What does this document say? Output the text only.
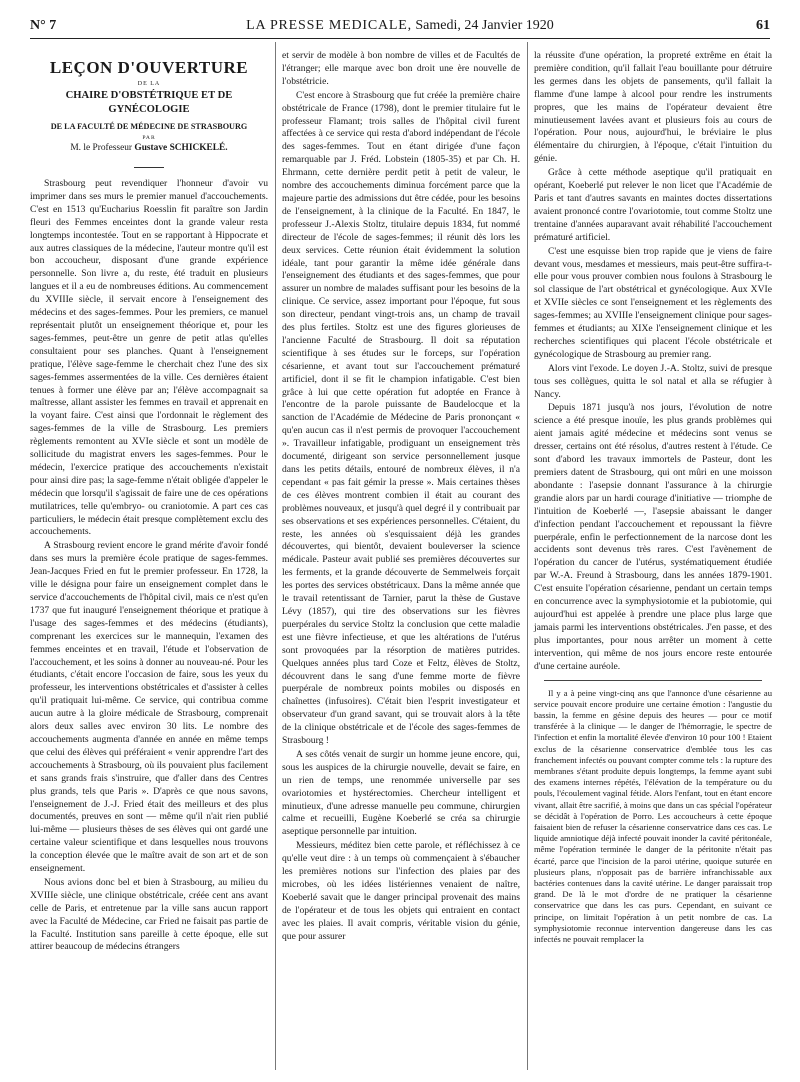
N° 7	LA PRESSE MEDICALE, Samedi, 24 Janvier 1920	61
LEÇON D'OUVERTURE
DE LA
CHAIRE D'OBSTÉTRIQUE ET DE GYNÉCOLOGIE
DE LA FACULTÉ DE MÉDECINE DE STRASBOURG
PAR
M. le Professeur Gustave SCHICKELÉ.

Strasbourg peut revendiquer l'honneur d'avoir vu imprimer dans ses murs le premier manuel d'accouchements. C'est en 1513 qu'Eucharius Roesslin fit paraître son Jardin fleuri des Femmes enceintes dont la grande valeur resta longtemps incontestée. Tout en se rapportant à Hippocrate et aux autres classiques de la médecine, l'auteur montre qu'il est bon accoucheur, disposant d'une grande expérience personnelle. Son livre a, du reste, été traduit en plusieurs langues et il a eu de nombreuses éditions. Au commencement du XVIIIe siècle, il servait encore à l'enseignement des médecins et des sages-femmes. Pour les premiers, ce manuel représentait plutôt un enseignement théorique et, pour les sages-femmes, peut-être un genre de petit atlas qu'elles consultaient pour ses planches. Quant à l'enseignement pratique, l'élève sage-femme le cherchait chez l'une des six sages-femmes assermentées de la ville. Ces dernières étaient tenues à former une élève par an; l'élève accompagnait sa maîtresse, allant assister les femmes en travail et apprenait en la voyant faire. C'est ainsi que l'ordonnait le règlement des sages-femmes de la ville de Strasbourg. Les premiers règlements remontent au XVIe siècle et sont un modèle de sollicitude du magistrat envers les sages-femmes. Pour le médecin, l'exercice pratique des accouchements n'existait pour ainsi dire pas; la sage-femme n'était obligée d'appeler le médecin que lorsqu'il s'agissait de faire une de ces opérations mutilatrices, telle qu'embryo- ou craniotomie. A part ces cas particuliers, le médecin était presque complètement exclu des accouchements.

A Strasbourg revient encore le grand mérite d'avoir fondé dans ses murs la première école pratique de sages-femmes. Jean-Jacques Fried en fut le premier professeur. En 1728, la ville le désigna pour faire un enseignement complet dans le service d'accouchements de l'hôpital civil, mais ce n'est qu'en 1737 que fut inauguré l'enseignement théorique et pratique à l'usage des sages-femmes et des médecins (étudiants), comprenant les exercices sur le mannequin, l'examen des femmes enceintes et en travail, l'étude et l'observation de l'accouchement, et les soins à donner au nouveau-né. Pour les étudiants, c'était encore l'occasion de faire, sous les yeux du professeur, les interventions obstétricales et d'assister à celles qu'il pratiquait lui-même. Ce service, qui contribua comme aucun autre à la gloire médicale de Strasbourg, comprenait alors deux salles avec environ 30 lits. Le nombre des accouchements augmenta d'année en année en même temps que celui des élèves qui préféraient « venir apprendre l'art des accouchements à Strasbourg, où ils pouvaient plus facilement et sans grands frais s'instruire, que d'aller dans des Centres plus grands, tels que Paris ». D'après ce que nous savons, l'enseignement de J.-J. Fried était des meilleurs et des plus documentés, preuves en sont — même qu'il n'ait rien publié lui-même — plusieurs thèses de ses élèves qui ont gardé une certaine valeur scientifique et dans lesquelles nous trouvons la conception élevée que le maître avait de son art et de son enseignement.

Nous avions donc bel et bien à Strasbourg, au milieu du XVIIIe siècle, une clinique obstétricale, créée cent ans avant celle de Paris, et entretenue par la ville sans aucun rapport avec la Faculté de Médecine, car Fried ne faisait pas partie de la Faculté. Institution sans pareille à cette époque, elle sut attirer beaucoup de médecins étrangers

et servir de modèle à bon nombre de villes et de Facultés de l'étranger; elle marque avec bon droit une ère nouvelle de l'obstétricie.

C'est encore à Strasbourg que fut créée la première chaire obstétricale de France (1798), dont le premier titulaire fut le professeur Flamant; trois salles de l'hôpital civil furent affectées à ce service qui resta d'abord indépendant de l'école des sages-femmes. Tout en étant dirigée d'une façon remarquable par J. Fréd. Lobstein (1805-35) et par Ch. H. Ehrmann, cette dernière perdit petit à petit de valeur, le nombre des accouchements diminua forcément parce que la majeure partie des admissions dut être cédée, pour les besoins de l'enseignement, à la clinique de la Faculté. En 1847, le professeur J.-Alexis Stoltz, titulaire depuis 1834, fut nommé directeur de l'école de sages-femmes; il réunit dès lors les deux services. Cette réunion était évidemment la solution idéale, tant pour garantir la même idée générale dans l'enseignement des étudiants et des sages-femmes, que pour assurer un nombre de malades suffisant pour les besoins de la clinique. Ce service, assez important pour l'époque, fut sous son directeur, pendant vingt-trois ans, un champ de travail des plus fertiles. Stoltz est une des figures glorieuses de l'ancienne Faculté de Strasbourg. Il doit sa réputation scientifique à ses études sur le forceps, sur l'opération césarienne, et avant tout sur l'accouchement prématuré artificiel, dont il se fit le champion infatigable. C'est bien grâce à lui que cette opération fut adoptée en France à l'encontre de la parole puissante de Baudelocque et la sanction de l'Académie de Médecine de Paris prononçant « qu'en aucun cas il n'est permis de provoquer l'accouchement ». Travailleur infatigable, prodiguant un enseignement très documenté, dirigeant son service personnellement jusque dans les petits détails, entouré de nombreux élèves, il n'a cependant « pas fait gémir la presse ». Mais certaines thèses de ces élèves montrent combien il était au courant des problèmes nouveaux, et jusqu'à quel degré il y contribuait par ses observations et ses expériences personnelles. C'étaient, du reste, les années où s'esquissaient déjà les grandes découvertes, qui bientôt, devaient bouleverser la science médicale. Pasteur avait publié ses premières découvertes sur les ferments, et la grande découverte de Semmelweis forçait les portes des services obstétricaux. Dans la même année que le travail retentissant de Tarnier, parut la thèse de Gustave Lévy (1857), qui tire des observations sur les fièvres puerpérales du service Stoltz la conclusion que cette maladie est une fièvre infectieuse, et que les altérations de l'utérus sont provoquées par la résorption de matières putrides. Quelques années plus tard Coze et Feltz, élèves de Stoltz, découvrent dans le sang d'une femme morte de fièvre puerpérale de nombreux points mobiles ou disposés en chaînettes (infusoires). C'était bien l'esprit investigateur et observateur d'un grand savant, qui se trouvait alors à la tête de la clinique obstétricale et de l'école des sages-femmes de Strasbourg !

A ses côtés venait de surgir un homme jeune encore, qui, sous les auspices de la chirurgie nouvelle, devait se faire, en un rien de temps, une renommée universelle par ses ovariotomies et hystérectomies. Chercheur intelligent et minutieux, d'une adresse manuelle peu commune, chirurgien calme et recueilli, Eugène Koeberlé se créa sa chirurgie aseptique personnelle par intuition.

Messieurs, méditez bien cette parole, et réfléchissez à ce qu'elle veut dire : à un temps où commençaient à s'ébaucher les premières notions sur l'infection des plaies par des microbes, où les idées listériennes venaient de naître, Koeberlé savait que le danger principal provenait des mains de l'opérateur et de tous les objets qui entraient en contact avec les plaies. Il avait compris, véritable vision du génie, que pour assurer

la réussite d'une opération, la propreté extrême en était la première condition, qu'il fallait l'eau bouillante pour détruire les germes dans les objets de pansements, qu'il fallait la flamme d'une lampe à alcool pour rendre les instruments propres, que les mains de l'opérateur devaient être minutieusement lavées avant et plusieurs fois au cours de l'opération. Pour nous, aujourd'hui, le bréviaire le plus élémentaire du chirurgien, à l'époque, c'était l'intuition du génie.

Grâce à cette méthode aseptique qu'il pratiquait en opérant, Koeberlé put relever le non licet que l'Académie de Paris et tant d'autres savants en maintes doctes dissertations avaient prononcé contre l'ovariotomie, tout comme Stoltz une trentaine d'années auparavant avait réhabilité l'accouchement prématuré artificiel.

C'est une esquisse bien trop rapide que je viens de faire devant vous, mesdames et messieurs, mais peut-être suffira-t-elle pour vous prouver combien nous foulons à Strasbourg le sol classique de l'art obstétrical et gynécologique. Aux XVIe et XVIIe siècles ce sont l'enseignement et les règlements des sages-femmes; au XVIIIe l'enseignement clinique pour sages-femmes et étudiants; au XIXe l'enseignement clinique et les recherches scientifiques qui placent l'école obstétricale et gynécologique de Strasbourg au premier rang.

Alors vint l'exode. Le doyen J.-A. Stoltz, suivi de presque tous ses collègues, quitta le sol natal et alla se réfugier à Nancy.

Depuis 1871 jusqu'à nos jours, l'évolution de notre science a été presque inouïe, les plus grands problèmes qui aient jamais agité médecine et médecins sont venus se dresser, certains ont été résolus, d'autres restent à l'étude. Ce sont d'abord les travaux immortels de Pasteur, dont les premiers datent de Strasbourg, qui ont mûri en une moisson abondante : l'asepsie donnant l'assurance à la chirurgie grandie alors par un hardi courage d'initiative — triomphe de l'intuition de Koeberlé —, l'asepsie abaissant le danger d'infection pendant l'accouchement et repoussant la fièvre puerpérale, enfin le perfectionnement de la narcose dont les accidents sont devenus très rares. C'est l'avènement de l'opération du cancer de l'utérus, systématiquement étudiée par W.-A. Freund à Strasbourg, dans les années 1879-1901. C'est ensuite l'opération césarienne, pendant un certain temps en concurrence avec la symphysiotomie et la pubiotomie, qui aujourd'hui est appelée à prendre une place plus large que jamais parmi les interventions obstétricales. J'en passe, et des plus importantes, pour nous arrêter un moment à cette intervention, qui même de nos jours encore reste entourée d'une certaine auréole.

Il y a à peine vingt-cinq ans que l'annonce d'une césarienne au service pouvait encore produire une certaine émotion : l'angustie du bassin, la femme en gésine depuis des heures — pour ce motif transférée à la clinique — le danger de l'hémorragie, le spectre de l'infection et enfin la mortalité élevée d'environ 10 pour 100 ! Etaient exclus de la césarienne conservatrice d'emblée tous les cas franchement infectés ou pouvant compter comme tels : la rupture des membranes s'étant produite depuis longtemps, la femme ayant subi des examens internes répétés, l'élévation de la température ou du pouls, l'écoulement vaginal fétide. Alors l'enfant, tout en étant encore vivant, allait être sacrifié, à moins que dans un cas spécial l'opérateur se décidât à l'opération de Porro. Les accoucheurs à cette époque faisaient bien de refuser la césarienne conservatrice dans ces cas. Le liquide amniotique déjà infecté pouvait inonder la cavité péritonéale, même l'opération terminée le danger de la péritonite n'était pas écarté, parce que l'incision de la paroi utérine, quoique suturée en plusieurs plans, n'opposait pas de barrière infranchissable aux bactéries contenues dans la cavité utérine. Le danger paraissait trop grand. De là le mot d'ordre de ne pratiquer la césarienne conservatrice que dans les cas purs. Cependant, en suivant ce principe, on limitait l'opération à un petit nombre de cas. La symphysiotomie reconnue intervention dangereuse dans les cas infectés ne pouvait remplacer la
